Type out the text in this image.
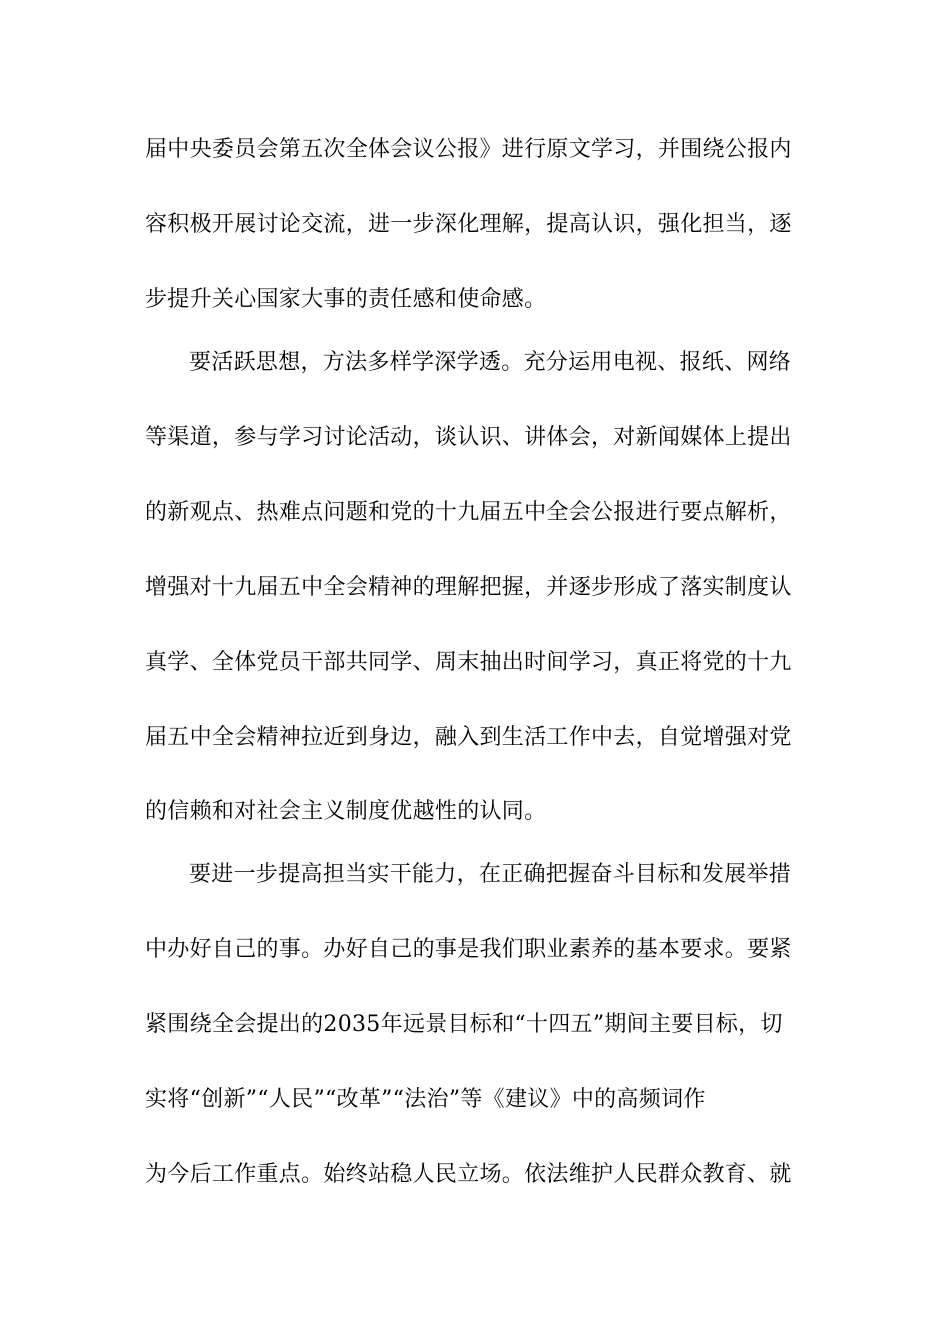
届中央委员会第五次全体会议公报》进行原文学习，并围绕公报内
容积极开展讨论交流，进一步深化理解，提高认识，强化担当，逐
步提升关心国家大事的责任感和使命感。
要活跃思想，方法多样学深学透。充分运用电视、报纸、网络
等渠道，参与学习讨论活动，谈认识、讲体会，对新闻媒体上提出
的新观点、热难点问题和党的十九届五中全会公报进行要点解析，
增强对十九届五中全会精神的理解把握，并逐步形成了落实制度认
真学、全体党员干部共同学、周末抽出时间学习，真正将党的十九
届五中全会精神拉近到身边，融入到生活工作中去，自觉增强对党
的信赖和对社会主义制度优越性的认同。
要进一步提高担当实干能力，在正确把握奋斗目标和发展举措
中办好自己的事。办好自己的事是我们职业素养的基本要求。要紧
紧围绕全会提出的2035年远景目标和“十四五”期间主要目标，切
实将“创新”“人民”“改革”“法治”等《建议》中的高频词作
为今后工作重点。始终站稳人民立场。依法维护人民群众教育、就
